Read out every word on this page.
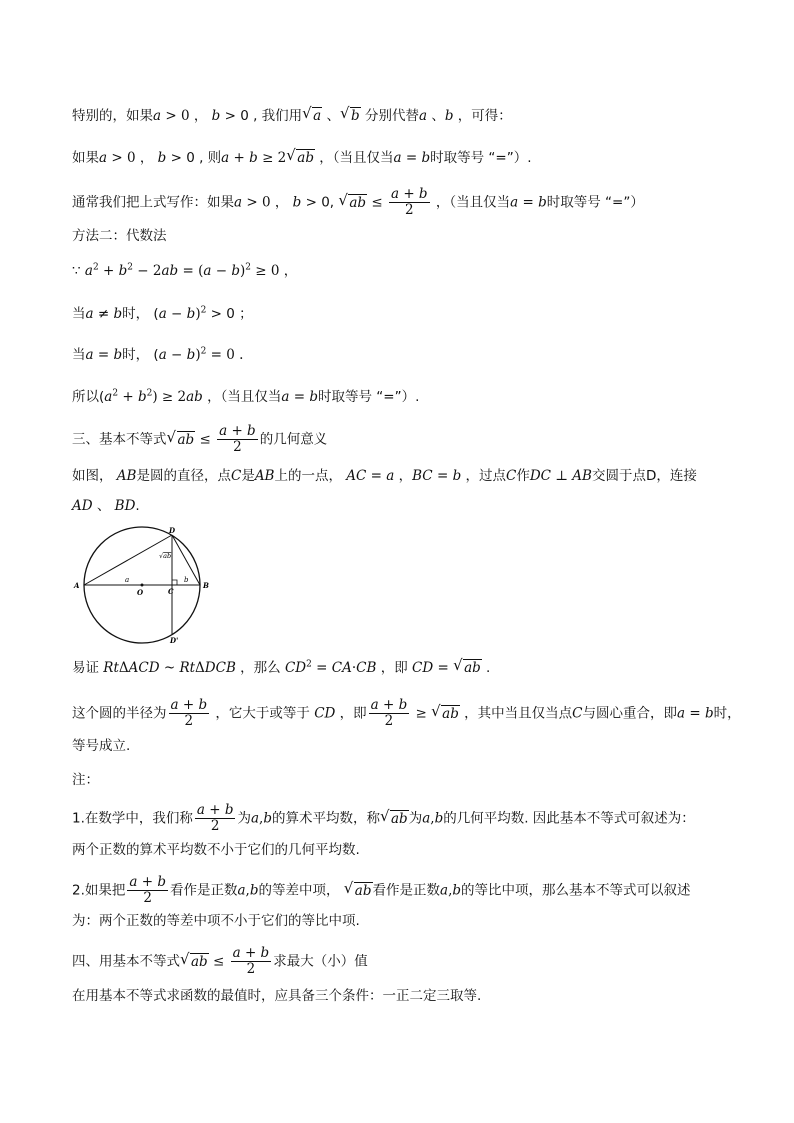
特别的，如果a > 0 ， b > 0 , 我们用 √ a 、 √ b 分别代替a 、b ，可得：
如果a > 0 ， b > 0 , 则a + b ≥ 2 √ ab ，（当且仅当a = b时取等号 “=”）.
通常我们把上式写作：如果a > 0 ， b > 0, √ ab ≤ $\frac{a + b}{2}$ ，（当且仅当a = b时取等号 “=”）
方法二：代数法
∵ $a^2 + b^2 - 2ab = (a - b)^2 \ge 0$ ，
当a ≠ b时， $(a - b)^2 > 0$ ；
当a = b时， $(a - b)^2 = 0$ .
所以$(a^2 + b^2) \ge 2ab$ ，（当且仅当a = b时取等号 “=”）.
三、基本不等式 √ ab ≤ $\frac{a + b}{2}$ 的几何意义
如图， AB是圆的直径，点C是AB上的一点， AC = a ，BC = b ，过点C作DC ⊥ AB交圆于点D，连接
AD 、 BD.
D
√ab
A
a
B
O	C
b
D'
易证 RtΔACD ~ RtΔDCB ，那么 $CD^2 = CA\cdot CB$ ，即 CD = √ ab .
这个圆的半径为 $\frac{a + b}{2}$ ，它大于或等于 CD ，即 $\frac{a + b}{2}$ ≥ √ ab ，其中当且仅当点C与圆心重合，即a = b时，
等号成立.
注：
1.在数学中，我们称 $\frac{a + b}{2}$ 为a,b的算术平均数，称 √ ab为a,b的几何平均数. 因此基本不等式可叙述为：
两个正数的算术平均数不小于它们的几何平均数.
2.如果把 $\frac{a + b}{2}$ 看作是正数a,b的等差中项， √ ab看作是正数a,b的等比中项，那么基本不等式可以叙述
为：两个正数的等差中项不小于它们的等比中项.
四、用基本不等式 √ ab ≤ $\frac{a + b}{2}$ 求最大（小）值
在用基本不等式求函数的最值时，应具备三个条件：一正二定三取等.
